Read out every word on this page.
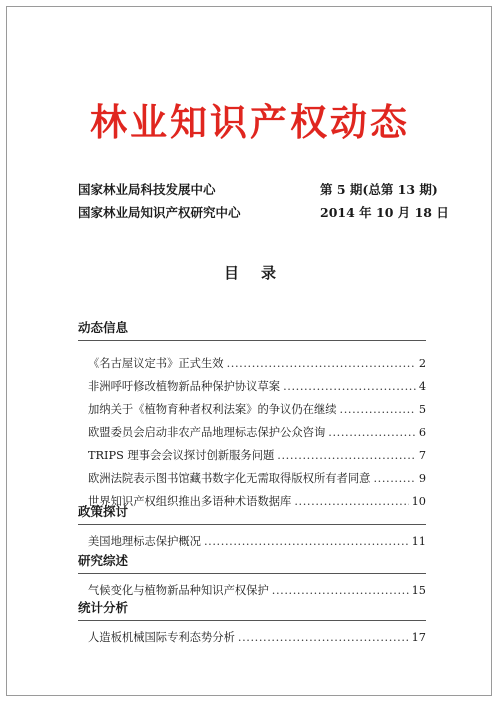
林业知识产权动态
国家林业局科技发展中心	第 5 期(总第 13 期)
国家林业局知识产权研究中心	2014 年 10 月 18 日
目录
动态信息
《名古屋议定书》正式生效 .....	2
非洲呼吁修改植物新品种保护协议草案 .....	4
加纳关于《植物育种者权利法案》的争议仍在继续 .....	5
欧盟委员会启动非农产品地理标志保护公众咨询 .....	6
TRIPS 理事会会议探讨创新服务问题 .....	7
欧洲法院表示图书馆藏书数字化无需取得版权所有者同意 .....	9
世界知识产权组织推出多语种术语数据库 .....	10
政策探讨
美国地理标志保护概况 .....	11
研究综述
气候变化与植物新品种知识产权保护 .....	15
统计分析
人造板机械国际专利态势分析 .....	17
